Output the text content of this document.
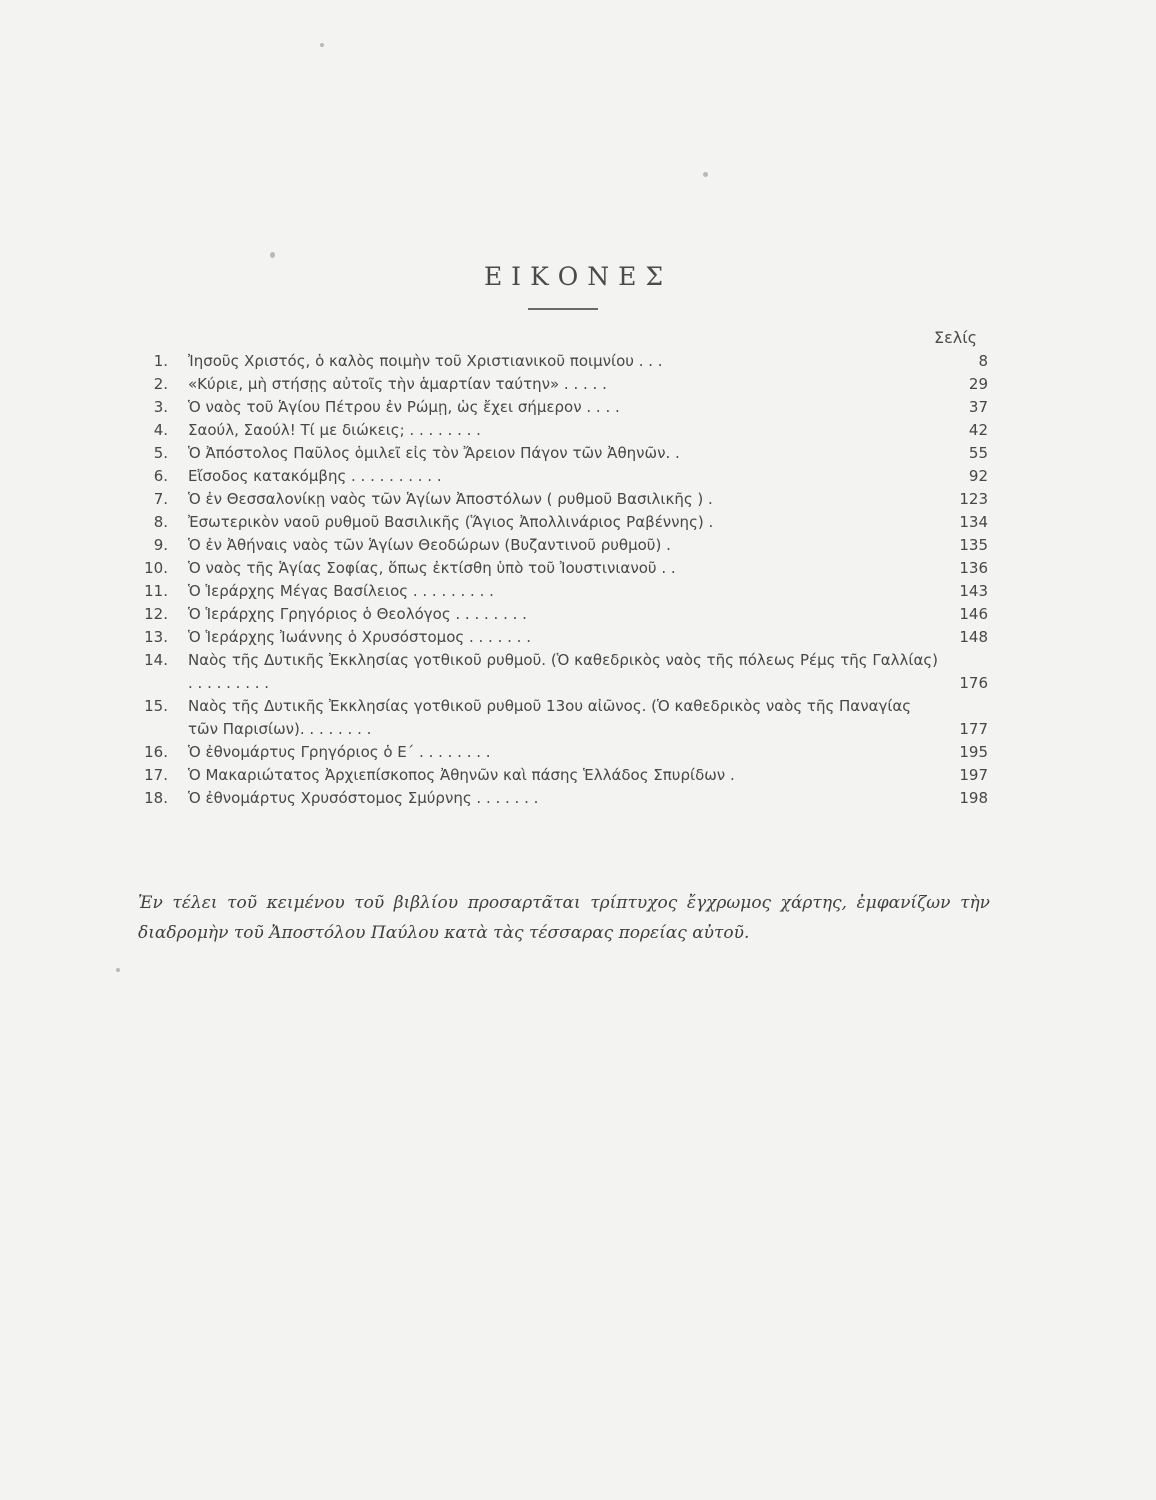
ΕΙΚΟΝΕΣ
Σελίς
1. Ἰησοῦς Χριστός, ὁ καλὸς ποιμὴν τοῦ Χριστιανικοῦ ποιμνίου . . .	8
2. «Κύριε, μὴ στήσῃς αὐτοῖς τὴν ἁμαρτίαν ταύτην» . . . . .	29
3. Ὁ ναὸς τοῦ Ἁγίου Πέτρου ἐν Ρώμῃ, ὡς ἔχει σήμερον . . . .	37
4. Σαούλ, Σαούλ! Τί με διώκεις; . . . . . . . .	42
5. Ὁ Ἀπόστολος Παῦλος ὁμιλεῖ εἰς τὸν Ἄρειον Πάγον τῶν Ἀθηνῶν. .	55
6. Εἴσοδος κατακόμβης . . . . . . . . . .	92
7. Ὁ ἐν Θεσσαλονίκῃ ναὸς τῶν Ἁγίων Ἀποστόλων ( ρυθμοῦ Βασιλικῆς ) .	123
8. Ἐσωτερικὸν ναοῦ ρυθμοῦ Βασιλικῆς (Ἅγιος Ἀπολλινάριος Ραβέννης) .	134
9. Ὁ ἐν Ἀθήναις ναὸς τῶν Ἁγίων Θεοδώρων (Βυζαντινοῦ ρυθμοῦ) .	135
10. Ὁ ναὸς τῆς Ἁγίας Σοφίας, ὅπως ἐκτίσθη ὑπὸ τοῦ Ἰουστινιανοῦ . .	136
11. Ὁ Ἱεράρχης Μέγας Βασίλειος . . . . . . . . .	143
12. Ὁ Ἱεράρχης Γρηγόριος ὁ Θεολόγος . . . . . . . .	146
13. Ὁ Ἱεράρχης Ἰωάννης ὁ Χρυσόστομος . . . . . . .	148
14. Ναὸς τῆς Δυτικῆς Ἐκκλησίας γοτθικοῦ ρυθμοῦ. (Ὁ καθεδρικὸς ναὸς τῆς πόλεως Ρέμς τῆς Γαλλίας) . . . . . . . . .	176
15. Ναὸς τῆς Δυτικῆς Ἐκκλησίας γοτθικοῦ ρυθμοῦ 13ου αἰῶνος. (Ὁ καθεδρικὸς ναὸς τῆς Παναγίας τῶν Παρισίων). . . . . . . .	177
16. Ὁ ἐθνομάρτυς Γρηγόριος ὁ Ε΄ . . . . . . . .	195
17. Ὁ Μακαριώτατος Ἀρχιεπίσκοπος Ἀθηνῶν καὶ πάσης Ἑλλάδος Σπυρίδων .	197
18. Ὁ ἐθνομάρτυς Χρυσόστομος Σμύρνης . . . . . . .	198

Ἐν τέλει τοῦ κειμένου τοῦ βιβλίου προσαρτᾶται τρίπτυχος ἔγχρωμος χάρτης, ἐμφανίζων τὴν διαδρομὴν τοῦ Ἀποστόλου Παύλου κατὰ τὰς τέσσαρας πορείας αὐτοῦ.
